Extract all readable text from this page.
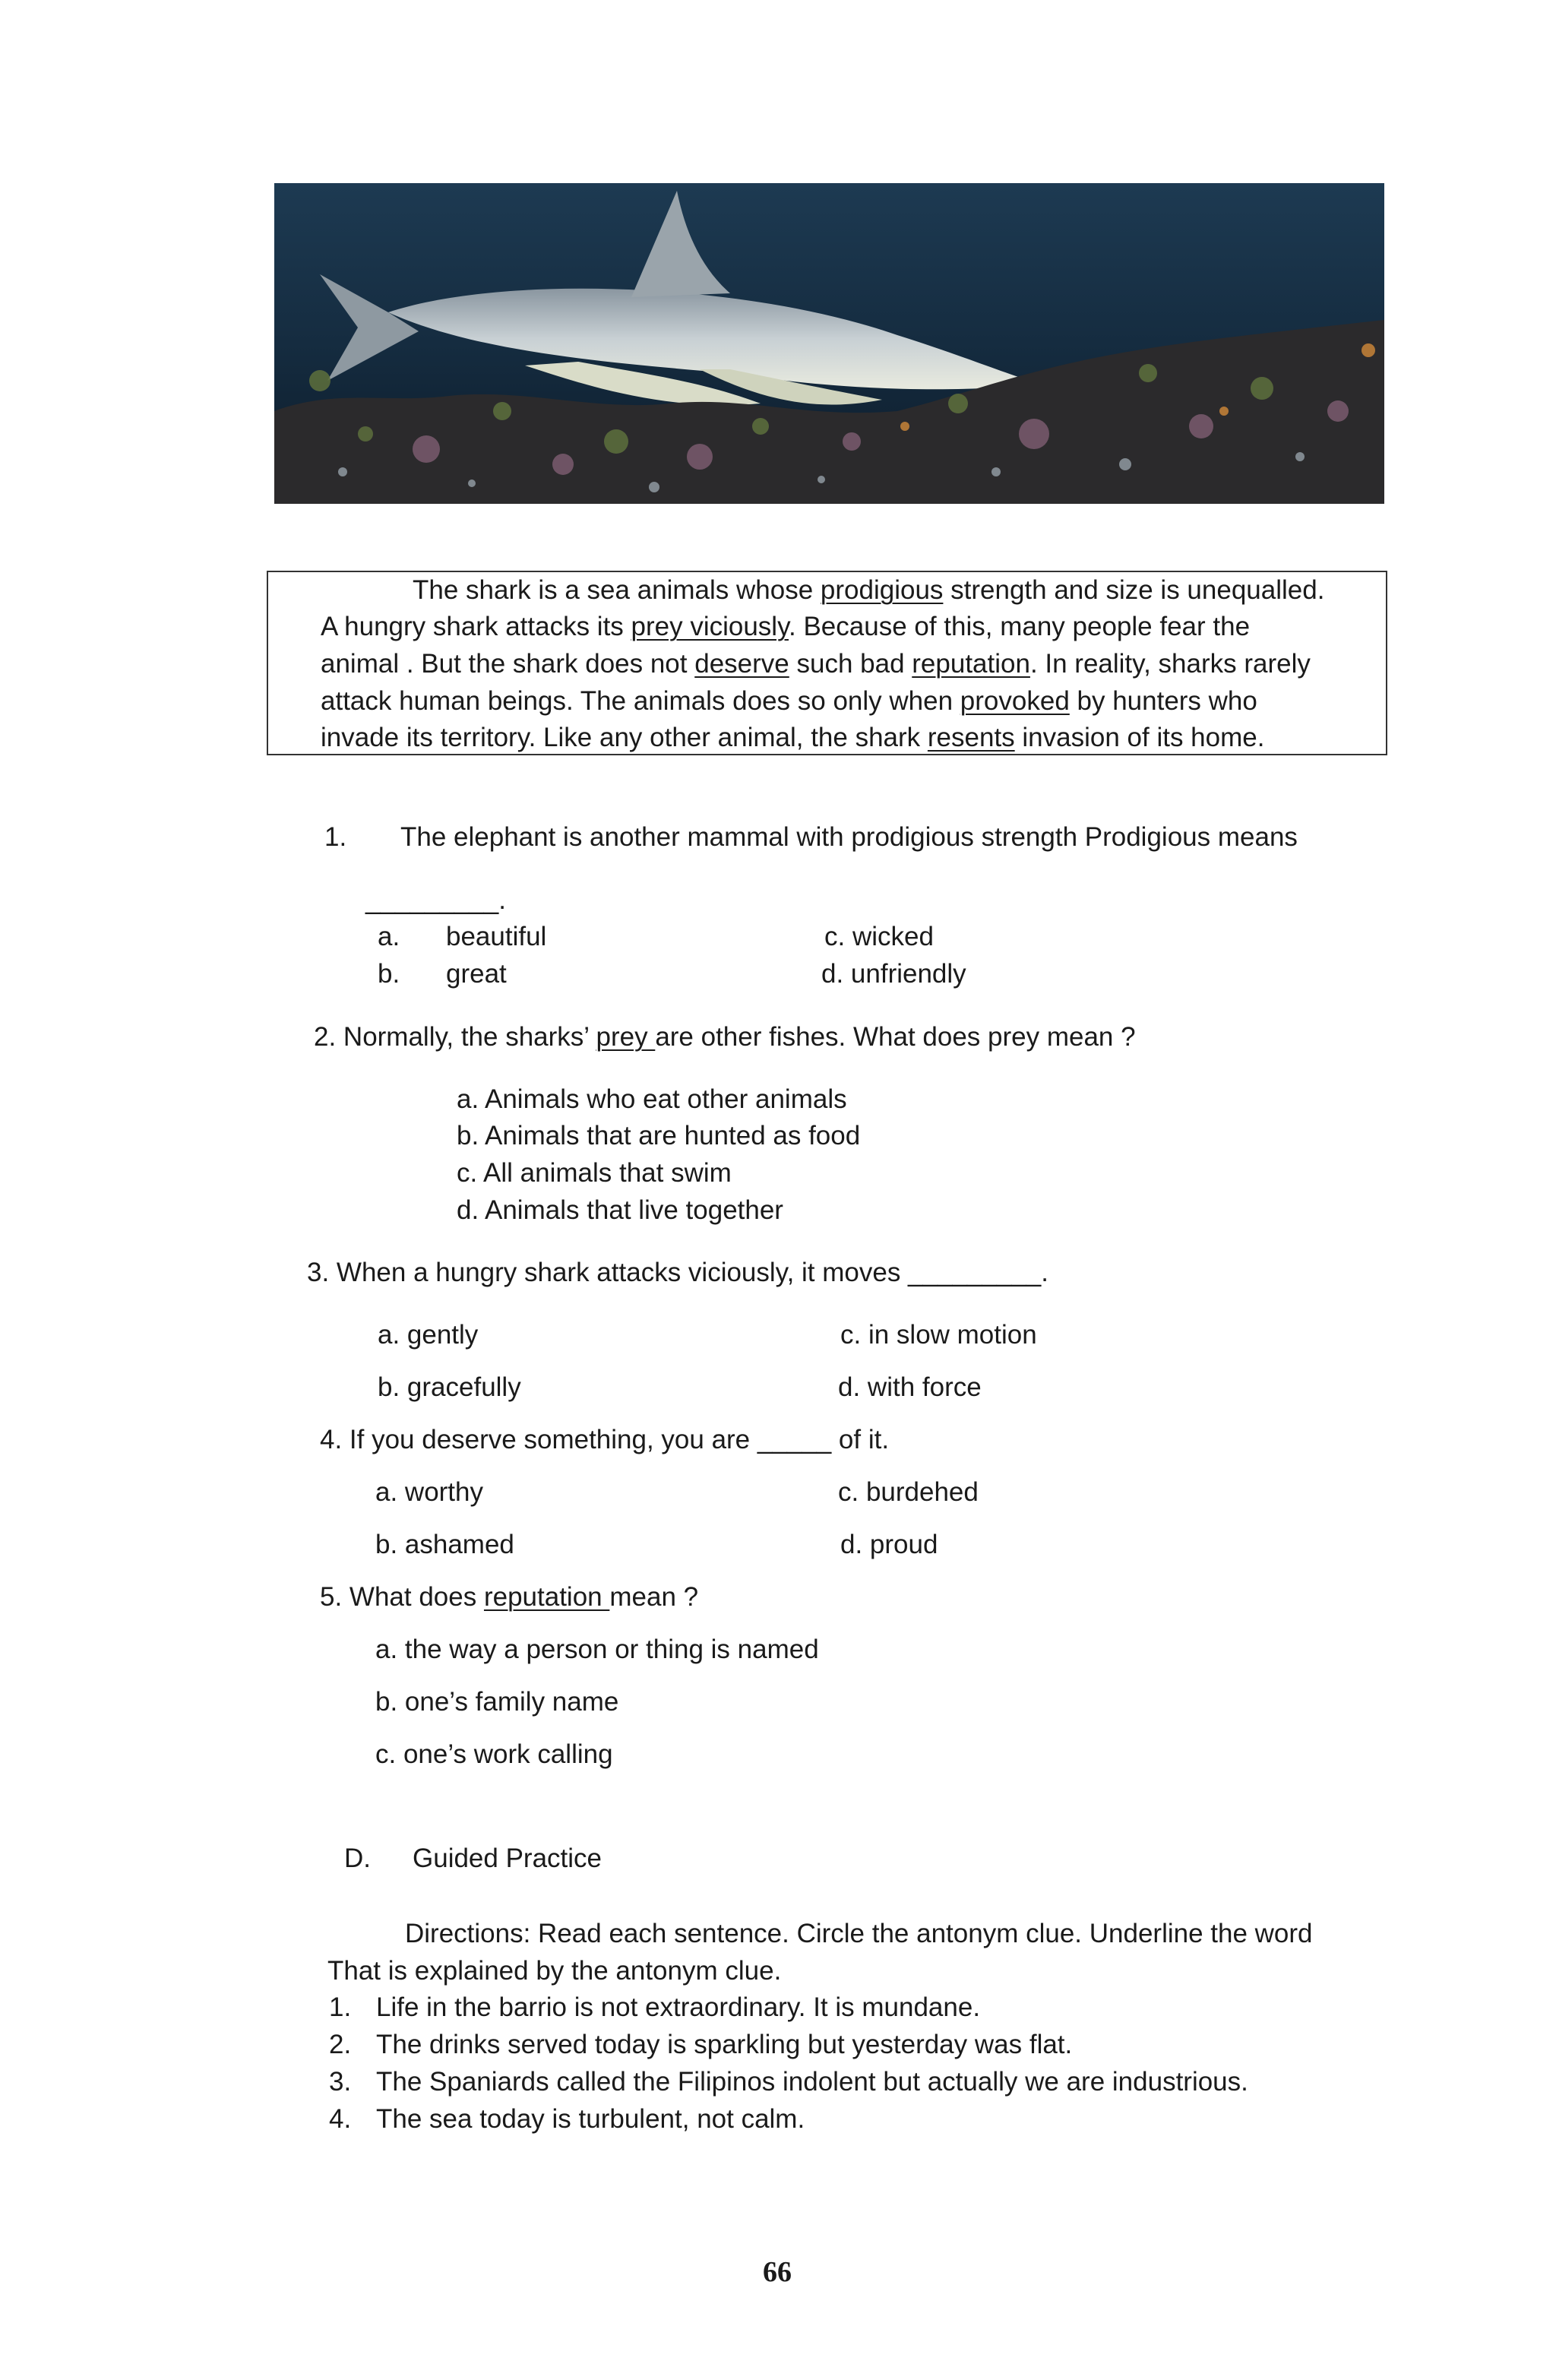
The shark is a sea animals whose prodigious strength and size is unequalled.
A hungry shark attacks its prey viciously. Because of this, many people fear the
animal . But the shark does not deserve such bad reputation. In reality, sharks rarely
attack human beings. The animals does so only when provoked by hunters who
invade its territory. Like any other animal, the shark resents invasion of its home.
1. The elephant is another mammal with prodigious strength Prodigious means
_________.
a. beautiful	c. wicked
b. great	d. unfriendly
2. Normally, the sharks’ prey are other fishes. What does prey mean ?
a. Animals who eat other animals
b. Animals that are hunted as food
c. All animals that swim
d. Animals that live together
3. When a hungry shark attacks viciously, it moves _________.
a. gently	c. in slow motion
b. gracefully	d. with force
4. If you deserve something, you are _____ of it.
a. worthy	c. burdehed
b. ashamed	d. proud
5. What does reputation mean ?
a. the way a person or thing is named
b. one’s family name
c. one’s work calling
D. Guided Practice
Directions: Read each sentence. Circle the antonym clue. Underline the word
That is explained by the antonym clue.
1. Life in the barrio is not extraordinary. It is mundane.
2. The drinks served today is sparkling but yesterday was flat.
3. The Spaniards called the Filipinos indolent but actually we are industrious.
4. The sea today is turbulent, not calm.
66
